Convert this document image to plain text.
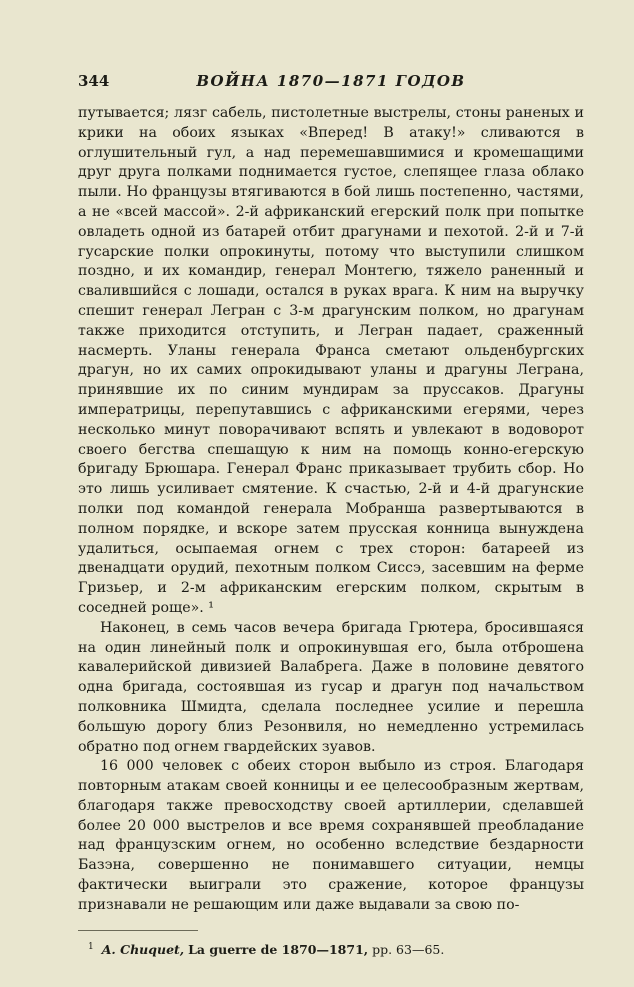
344	ВОЙНА 1870—1871 ГОДОВ

путывается; лязг сабель, пистолетные выстрелы, стоны раненых и крики на обоих языках «Вперед! В атаку!» сливаются в оглушительный гул, а над перемешавшимися и кромешащими друг друга полками поднимается густое, слепящее глаза облако пыли. Но французы втягиваются в бой лишь постепенно, частями, а не «всей массой». 2-й африканский егерский полк при попытке овладеть одной из батарей отбит драгунами и пехотой. 2-й и 7-й гусарские полки опрокинуты, потому что выступили слишком поздно, и их командир, генерал Монтегю, тяжело раненный и свалившийся с лошади, остался в руках врага. К ним на выручку спешит генерал Легран с 3-м драгунским полком, но драгунам также приходится отступить, и Легран падает, сраженный насмерть. Уланы генерала Франса сметают ольденбургских драгун, но их самих опрокидывают уланы и драгуны Леграна, принявшие их по синим мундирам за пруссаков. Драгуны императрицы, перепутавшись с африканскими егерями, через несколько минут поворачивают вспять и увлекают в водоворот своего бегства спешащую к ним на помощь конно-егерскую бригаду Брюшара. Генерал Франс приказывает трубить сбор. Но это лишь усиливает смятение. К счастью, 2-й и 4-й драгунские полки под командой генерала Мобранша развертываются в полном порядке, и вскоре затем прусская конница вынуждена удалиться, осыпаемая огнем с трех сторон: батареей из двенадцати орудий, пехотным полком Сиссэ, засевшим на ферме Гризьер, и 2-м африканским егерским полком, скрытым в соседней роще». ¹

Наконец, в семь часов вечера бригада Грютера, бросившаяся на один линейный полк и опрокинувшая его, была отброшена кавалерийской дивизией Валабрега. Даже в половине девятого одна бригада, состоявшая из гусар и драгун под начальством полковника Шмидта, сделала последнее усилие и перешла большую дорогу близ Резонвиля, но немедленно устремилась обратно под огнем гвардейских зуавов.

16 000 человек с обеих сторон выбыло из строя. Благодаря повторным атакам своей конницы и ее целесообразным жертвам, благодаря также превосходству своей артиллерии, сделавшей более 20 000 выстрелов и все время сохранявшей преобладание над французским огнем, но особенно вследствие бездарности Базэна, совершенно не понимавшего ситуации, немцы фактически выиграли это сражение, которое французы признавали не решающим или даже выдавали за свою по-

$^1$ A. Chuquet, La guerre de 1870—1871, pp. 63—65.
